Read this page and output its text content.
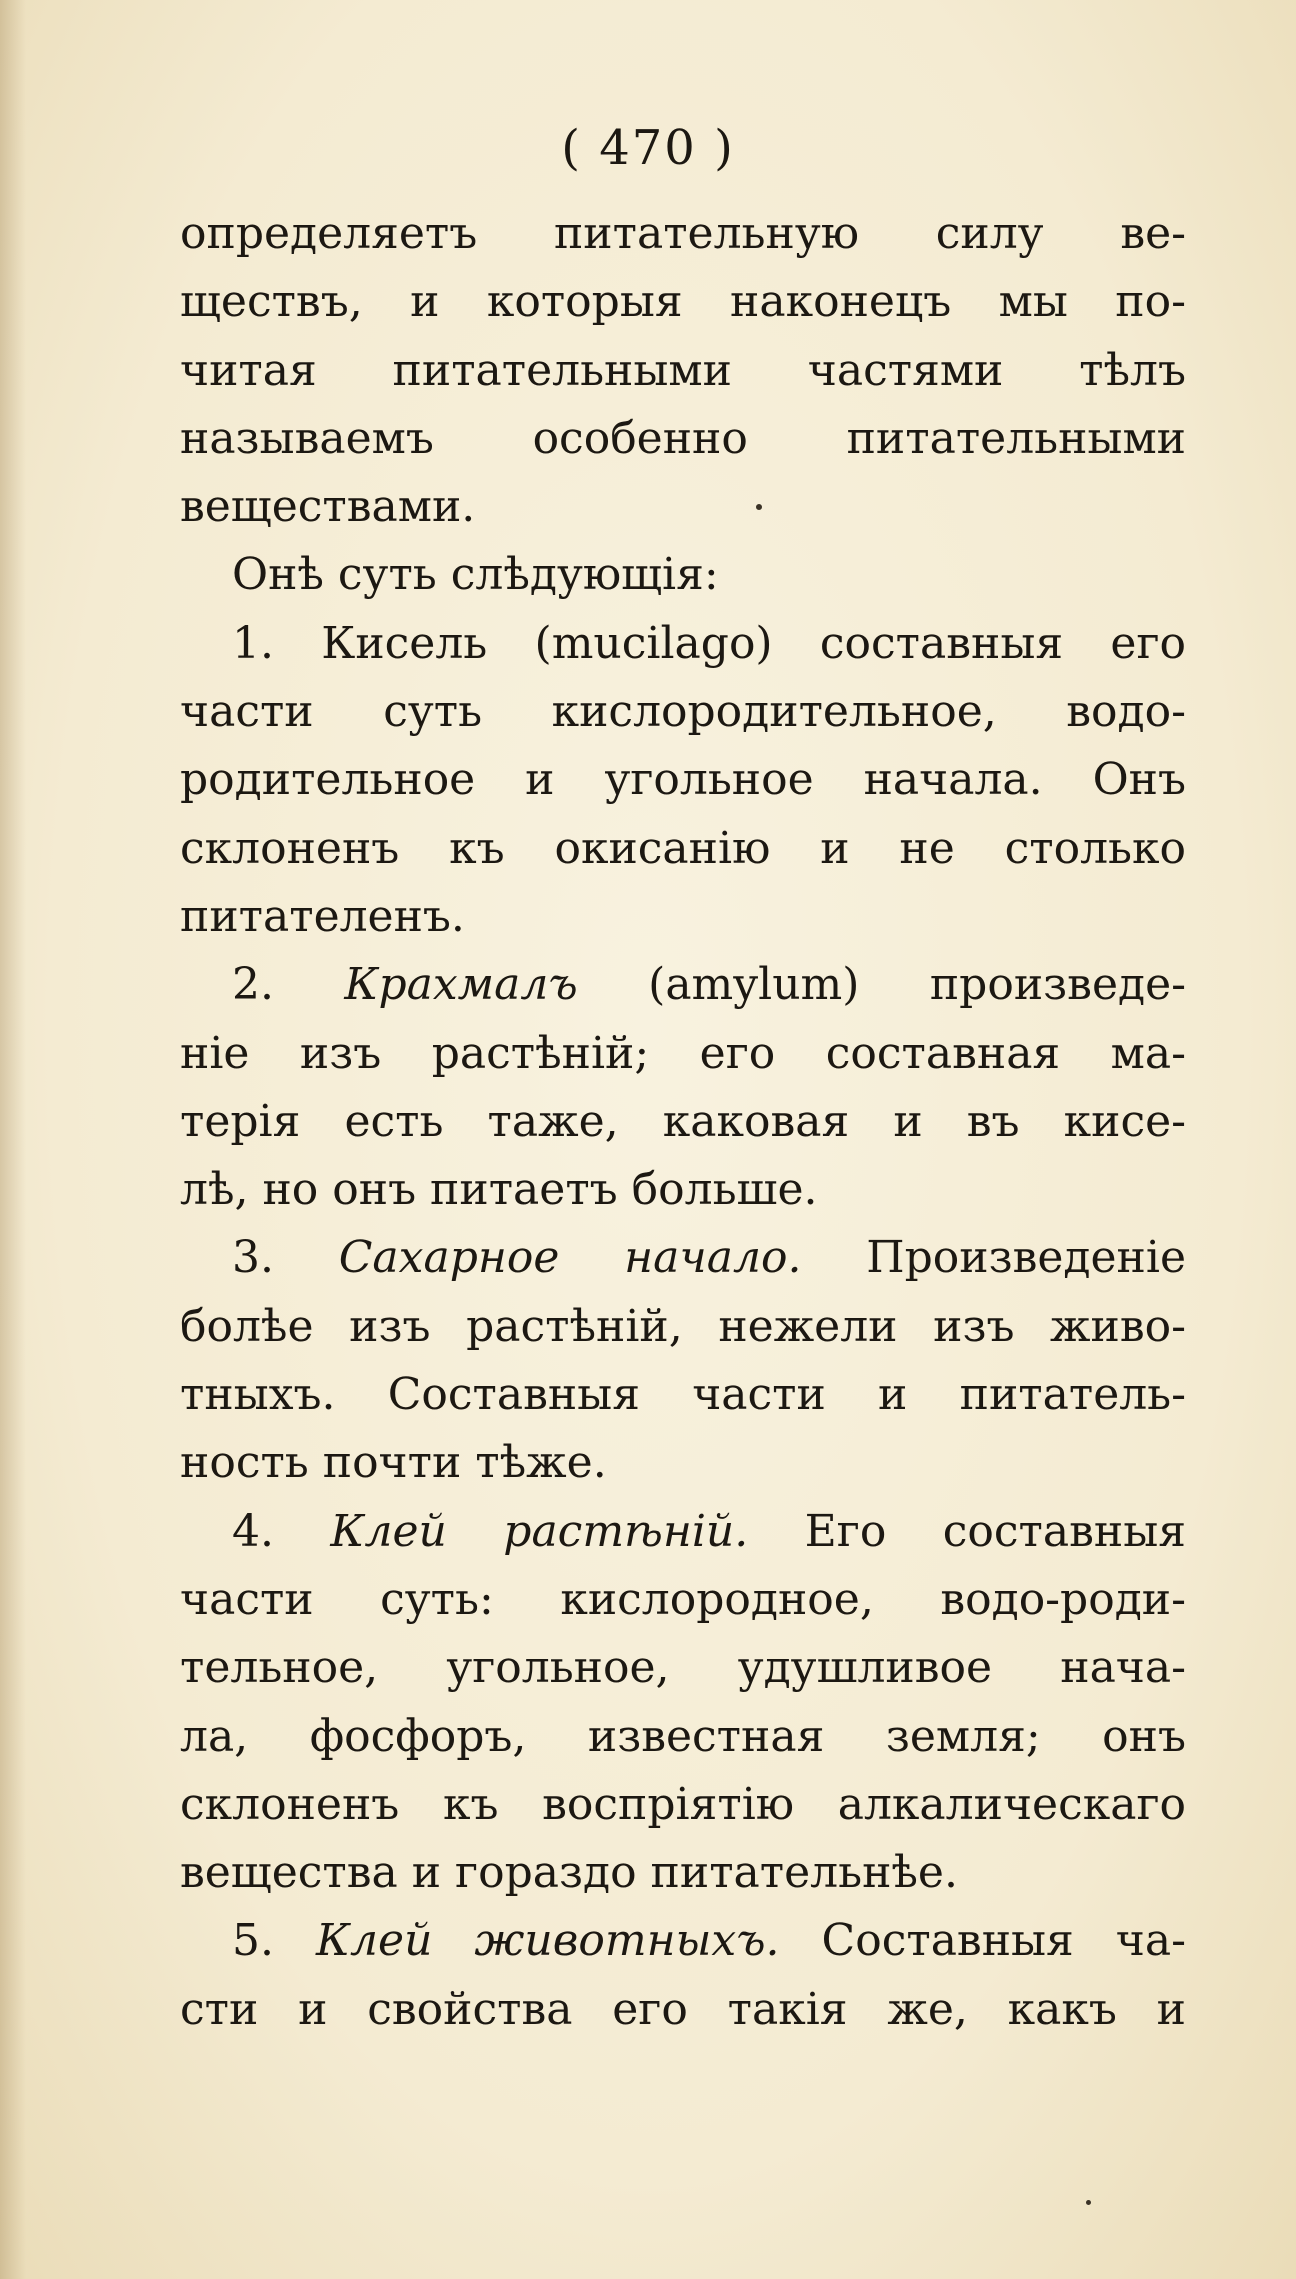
( 470 )
определяетъ питательную силу ве-
ществъ, и которыя наконецъ мы по-
читая питательными частями тѣлъ
называемъ особенно питательными
веществами.
Онѣ суть слѣдующія:
1. Кисель (mucilago) составныя его
части суть кислородительное, водо-
родительное и угольное начала. Онъ
склоненъ къ окисанію и не столько
питателенъ.
2. Крахмалъ (amylum) произведе-
ніе изъ растѣній; его составная ма-
терія есть таже, каковая и въ кисе-
лѣ, но онъ питаетъ больше.
3. Сахарное начало. Произведеніе
болѣе изъ растѣній, нежели изъ живо-
тныхъ. Составныя части и питатель-
ность почти тѣже.
4. Клей растѣній. Его составныя
части суть: кислородное, водо-роди-
тельное, угольное, удушливое нача-
ла, фосфоръ, известная земля; онъ
склоненъ къ воспріятію алкалическаго
вещества и гораздо питательнѣе.
5. Клей животныхъ. Составныя ча-
сти и свойства его такія же, какъ и
